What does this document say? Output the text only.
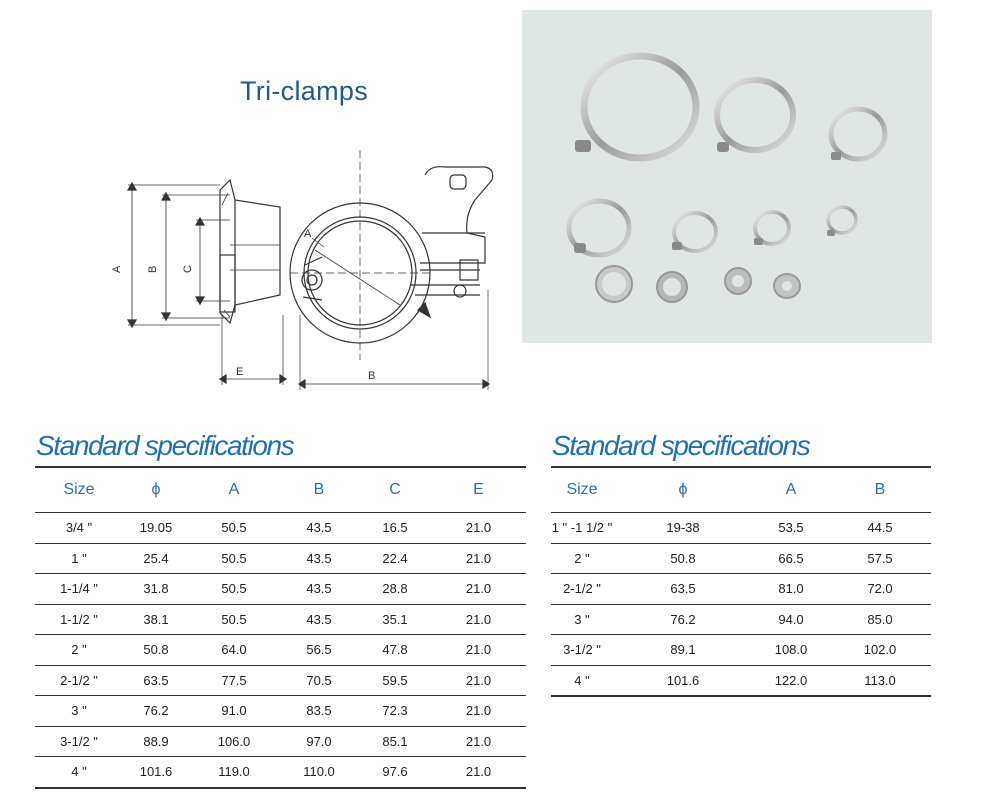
Tri-clamps
A B C
E
A
B
Standard specifications
Size	ϕ	A	B	C	E
3/4 "	19.05	50.5	43.5	16.5	21.0
1 "	25.4	50.5	43.5	22.4	21.0
1-1/4 "	31.8	50.5	43.5	28.8	21.0
1-1/2 "	38.1	50.5	43.5	35.1	21.0
2 "	50.8	64.0	56.5	47.8	21.0
2-1/2 "	63.5	77.5	70.5	59.5	21.0
3 "	76.2	91.0	83.5	72.3	21.0
3-1/2 "	88.9	106.0	97.0	85.1	21.0
4 "	101.6	119.0	110.0	97.6	21.0
Standard specifications
Size	ϕ	A	B
1 " -1 1/2 "	19-38	53.5	44.5
2 "	50.8	66.5	57.5
2-1/2 "	63.5	81.0	72.0
3 "	76.2	94.0	85.0
3-1/2 "	89.1	108.0	102.0
4 "	101.6	122.0	113.0
